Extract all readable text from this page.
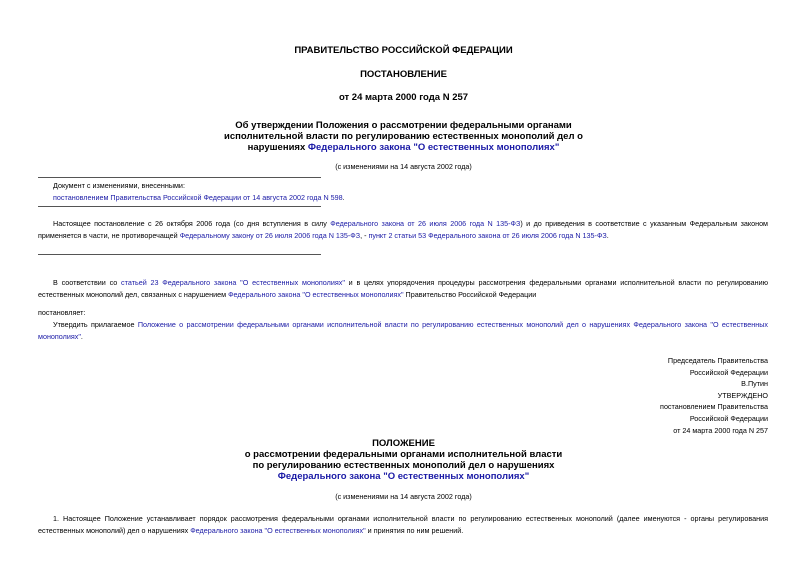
ПРАВИТЕЛЬСТВО РОССИЙСКОЙ ФЕДЕРАЦИИ
ПОСТАНОВЛЕНИЕ
от 24 марта 2000 года N 257
Об утверждении Положения о рассмотрении федеральными органами
исполнительной власти по регулированию естественных монополий дел о
нарушениях Федерального закона "О естественных монополиях"
(с изменениями на 14 августа 2002 года)
Документ с изменениями, внесенными:
постановлением Правительства Российской Федерации от 14 августа 2002 года N 598.
Настоящее постановление с 26 октября 2006 года (со дня вступления в силу Федерального закона от 26 июля 2006 года N 135-ФЗ) и до приведения в соответствие с указанным Федеральным законом применяется в части, не противоречащей Федеральному закону от 26 июля 2006 года N 135-ФЗ, - пункт 2 статьи 53 Федерального закона от 26 июля 2006 года N 135-ФЗ.
В соответствии со статьей 23 Федерального закона "О естественных монополиях" и в целях упорядочения процедуры рассмотрения федеральными органами исполнительной власти по регулированию естественных монополий дел, связанных с нарушением Федерального закона "О естественных монополиях" Правительство Российской Федерации
постановляет:
Утвердить прилагаемое Положение о рассмотрении федеральными органами исполнительной власти по регулированию естественных монополий дел о нарушениях Федерального закона "О естественных монополиях".
Председатель Правительства
Российской Федерации
В.Путин
УТВЕРЖДЕНО
постановлением Правительства
Российской Федерации
от 24 марта 2000 года N 257
ПОЛОЖЕНИЕ
о рассмотрении федеральными органами исполнительной власти
по регулированию естественных монополий дел о нарушениях
Федерального закона "О естественных монополиях"
(с изменениями на 14 августа 2002 года)
1. Настоящее Положение устанавливает порядок рассмотрения федеральными органами исполнительной власти по регулированию естественных монополий (далее именуются - органы регулирования естественных монополий) дел о нарушениях Федерального закона "О естественных монополиях" и принятия по ним решений.
